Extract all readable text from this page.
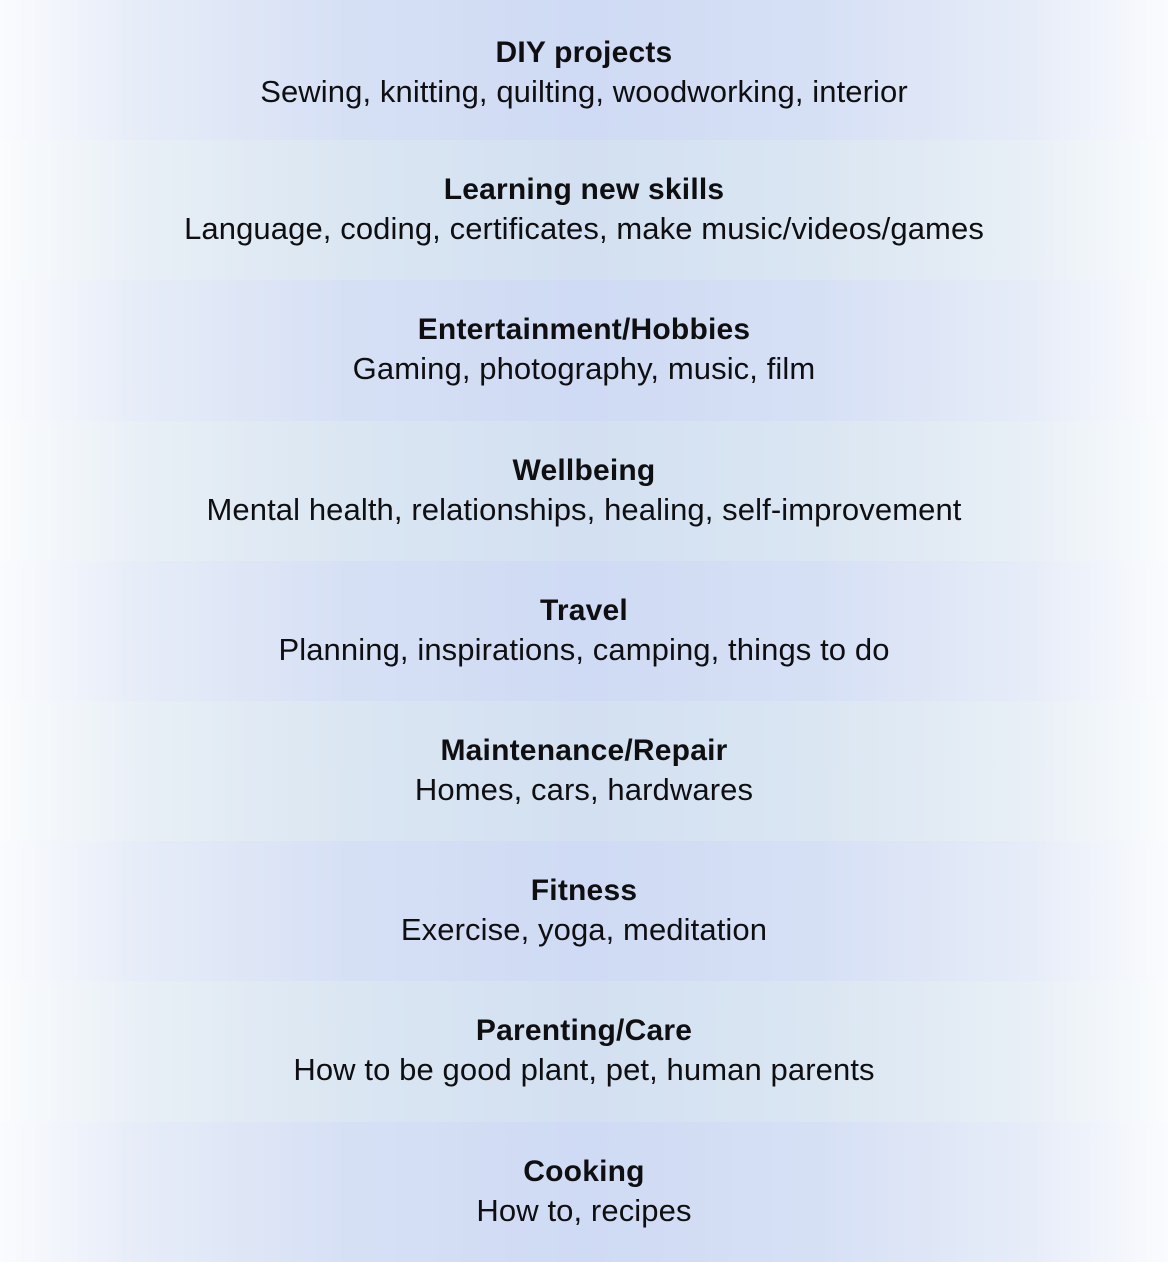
DIY projects
Sewing, knitting, quilting, woodworking, interior
Learning new skills
Language, coding, certificates, make music/videos/games
Entertainment/Hobbies
Gaming, photography, music, film
Wellbeing
Mental health, relationships, healing, self-improvement
Travel
Planning, inspirations, camping, things to do
Maintenance/Repair
Homes, cars, hardwares
Fitness
Exercise, yoga, meditation
Parenting/Care
How to be good plant, pet, human parents
Cooking
How to, recipes
